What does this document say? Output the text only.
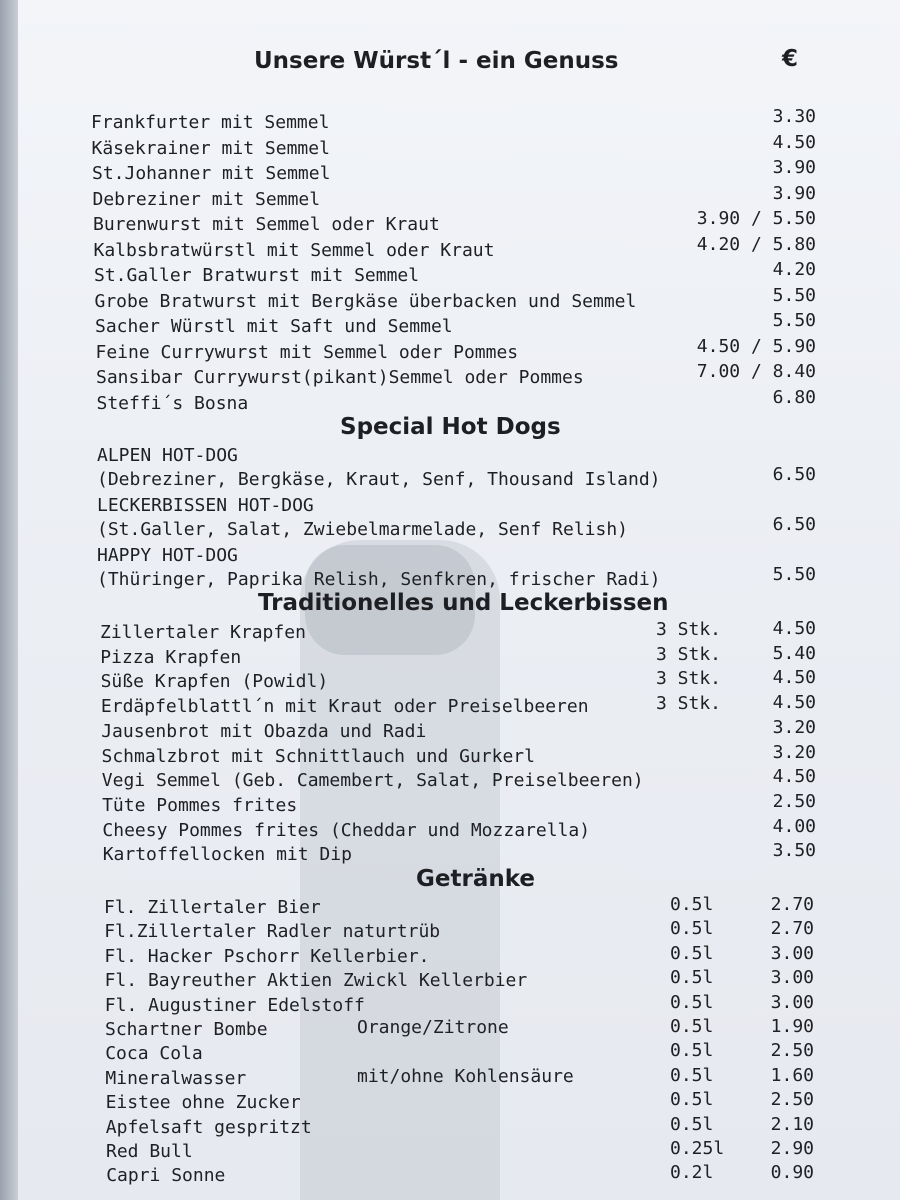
Unsere Würst´l - ein Genuss	€
Frankfurter mit Semmel	3.30
Käsekrainer mit Semmel	4.50
St.Johanner mit Semmel	3.90
Debreziner mit Semmel	3.90
Burenwurst mit Semmel oder Kraut	3.90 / 5.50
Kalbsbratwürstl mit Semmel oder Kraut	4.20 / 5.80
St.Galler Bratwurst mit Semmel	4.20
Grobe Bratwurst mit Bergkäse überbacken und Semmel	5.50
Sacher Würstl mit Saft und Semmel	5.50
Feine Currywurst mit Semmel oder Pommes	4.50 / 5.90
Sansibar Currywurst(pikant)Semmel oder Pommes	7.00 / 8.40
Steffi´s Bosna	6.80
Special Hot Dogs
ALPEN HOT-DOG
(Debreziner, Bergkäse, Kraut, Senf, Thousand Island)	6.50
LECKERBISSEN HOT-DOG
(St.Galler, Salat, Zwiebelmarmelade, Senf Relish)	6.50
HAPPY HOT-DOG
(Thüringer, Paprika Relish, Senfkren, frischer Radi)	5.50
Traditionelles und Leckerbissen
Zillertaler Krapfen	3 Stk.	4.50
Pizza Krapfen	3 Stk.	5.40
Süße Krapfen (Powidl)	3 Stk.	4.50
Erdäpfelblattl´n mit Kraut oder Preiselbeeren	3 Stk.	4.50
Jausenbrot mit Obazda und Radi	3.20
Schmalzbrot mit Schnittlauch und Gurkerl	3.20
Vegi Semmel (Geb. Camembert, Salat, Preiselbeeren)	4.50
Tüte Pommes frites	2.50
Cheesy Pommes frites (Cheddar und Mozzarella)	4.00
Kartoffellocken mit Dip	3.50
Getränke
Fl. Zillertaler Bier	0.5l	2.70
Fl.Zillertaler Radler naturtrüb	0.5l	2.70
Fl. Hacker Pschorr Kellerbier.	0.5l	3.00
Fl. Bayreuther Aktien Zwickl Kellerbier	0.5l	3.00
Fl. Augustiner Edelstoff	0.5l	3.00
Schartner Bombe	Orange/Zitrone	0.5l	1.90
Coca Cola	0.5l	2.50
Mineralwasser	mit/ohne Kohlensäure	0.5l	1.60
Eistee ohne Zucker	0.5l	2.50
Apfelsaft gespritzt	0.5l	2.10
Red Bull	0.25l	2.90
Capri Sonne	0.2l	0.90
